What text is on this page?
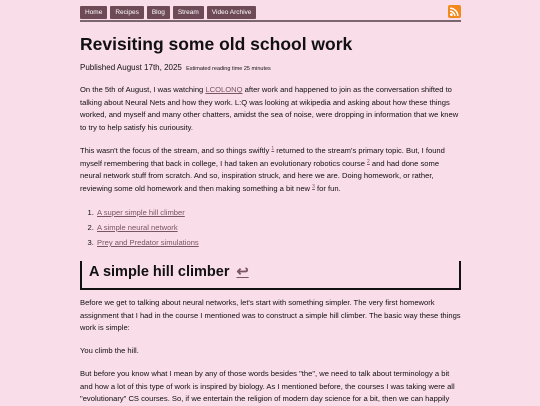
Home	Recipes	Blog	Stream	Video Archive
Revisiting some old school work
Published August 17th, 2025 Estimated reading time 25 minutes

On the 5th of August, I was watching LCOLONQ after work and happened to join as the conversation shifted to talking about Neural Nets and how they work. L:Q was looking at wikipedia and asking about how these things worked, and myself and many other chatters, amidst the sea of noise, were dropping in information that we knew to try to help satisfy his curiousity.

This wasn't the focus of the stream, and so things swiftly $^1$ returned to the stream's primary topic. But, I found myself remembering that back in college, I had taken an evolutionary robotics course $^2$ and had done some neural network stuff from scratch. And so, inspiration struck, and here we are. Doing homework, or rather, reviewing some old homework and then making something a bit new $^3$ for fun.

1. A super simple hill climber
2. A simple neural network
3. Prey and Predator simulations
A simple hill climber ↩

Before we get to talking about neural networks, let's start with something simpler. The very first homework assignment that I had in the course I mentioned was to construct a simple hill climber. The basic way these things work is simple:

You climb the hill.

But before you know what I mean by any of those words besides "the", we need to talk about terminology a bit and how a lot of this type of work is inspired by biology. As I mentioned before, the courses I was taking were all "evolutionary" CS courses. So, if we entertain the religion of modern day science for a bit, then we can happily
